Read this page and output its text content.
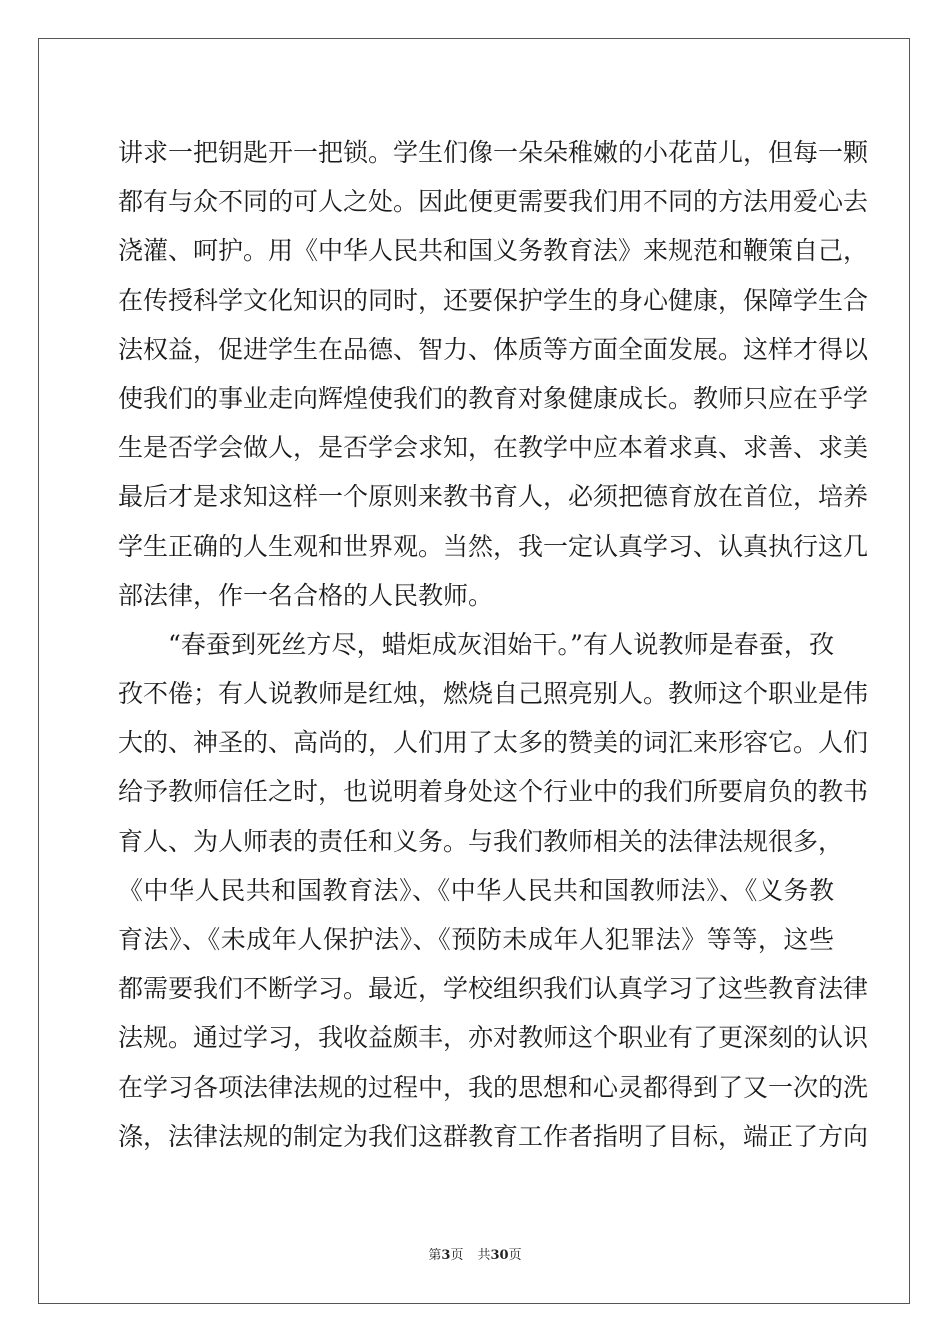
讲求一把钥匙开一把锁。学生们像一朵朵稚嫩的小花苗儿，但每一颗
都有与众不同的可人之处。因此便更需要我们用不同的方法用爱心去
浇灌、呵护。用《中华人民共和国义务教育法》来规范和鞭策自己，
在传授科学文化知识的同时，还要保护学生的身心健康，保障学生合
法权益，促进学生在品德、智力、体质等方面全面发展。这样才得以
使我们的事业走向辉煌使我们的教育对象健康成长。教师只应在乎学
生是否学会做人，是否学会求知，在教学中应本着求真、求善、求美
最后才是求知这样一个原则来教书育人，必须把德育放在首位，培养
学生正确的人生观和世界观。当然，我一定认真学习、认真执行这几
部法律，作一名合格的人民教师。
“春蚕到死丝方尽，蜡炬成灰泪始干。”有人说教师是春蚕，孜
孜不倦；有人说教师是红烛，燃烧自己照亮别人。教师这个职业是伟
大的、神圣的、高尚的，人们用了太多的赞美的词汇来形容它。人们
给予教师信任之时，也说明着身处这个行业中的我们所要肩负的教书
育人、为人师表的责任和义务。与我们教师相关的法律法规很多，
《中华人民共和国教育法》、《中华人民共和国教师法》、《义务教
育法》、《未成年人保护法》、《预防未成年人犯罪法》等等，这些
都需要我们不断学习。最近，学校组织我们认真学习了这些教育法律
法规。通过学习，我收益颇丰，亦对教师这个职业有了更深刻的认识
在学习各项法律法规的过程中，我的思想和心灵都得到了又一次的洗
涤，法律法规的制定为我们这群教育工作者指明了目标，端正了方向
第3页 共30页
